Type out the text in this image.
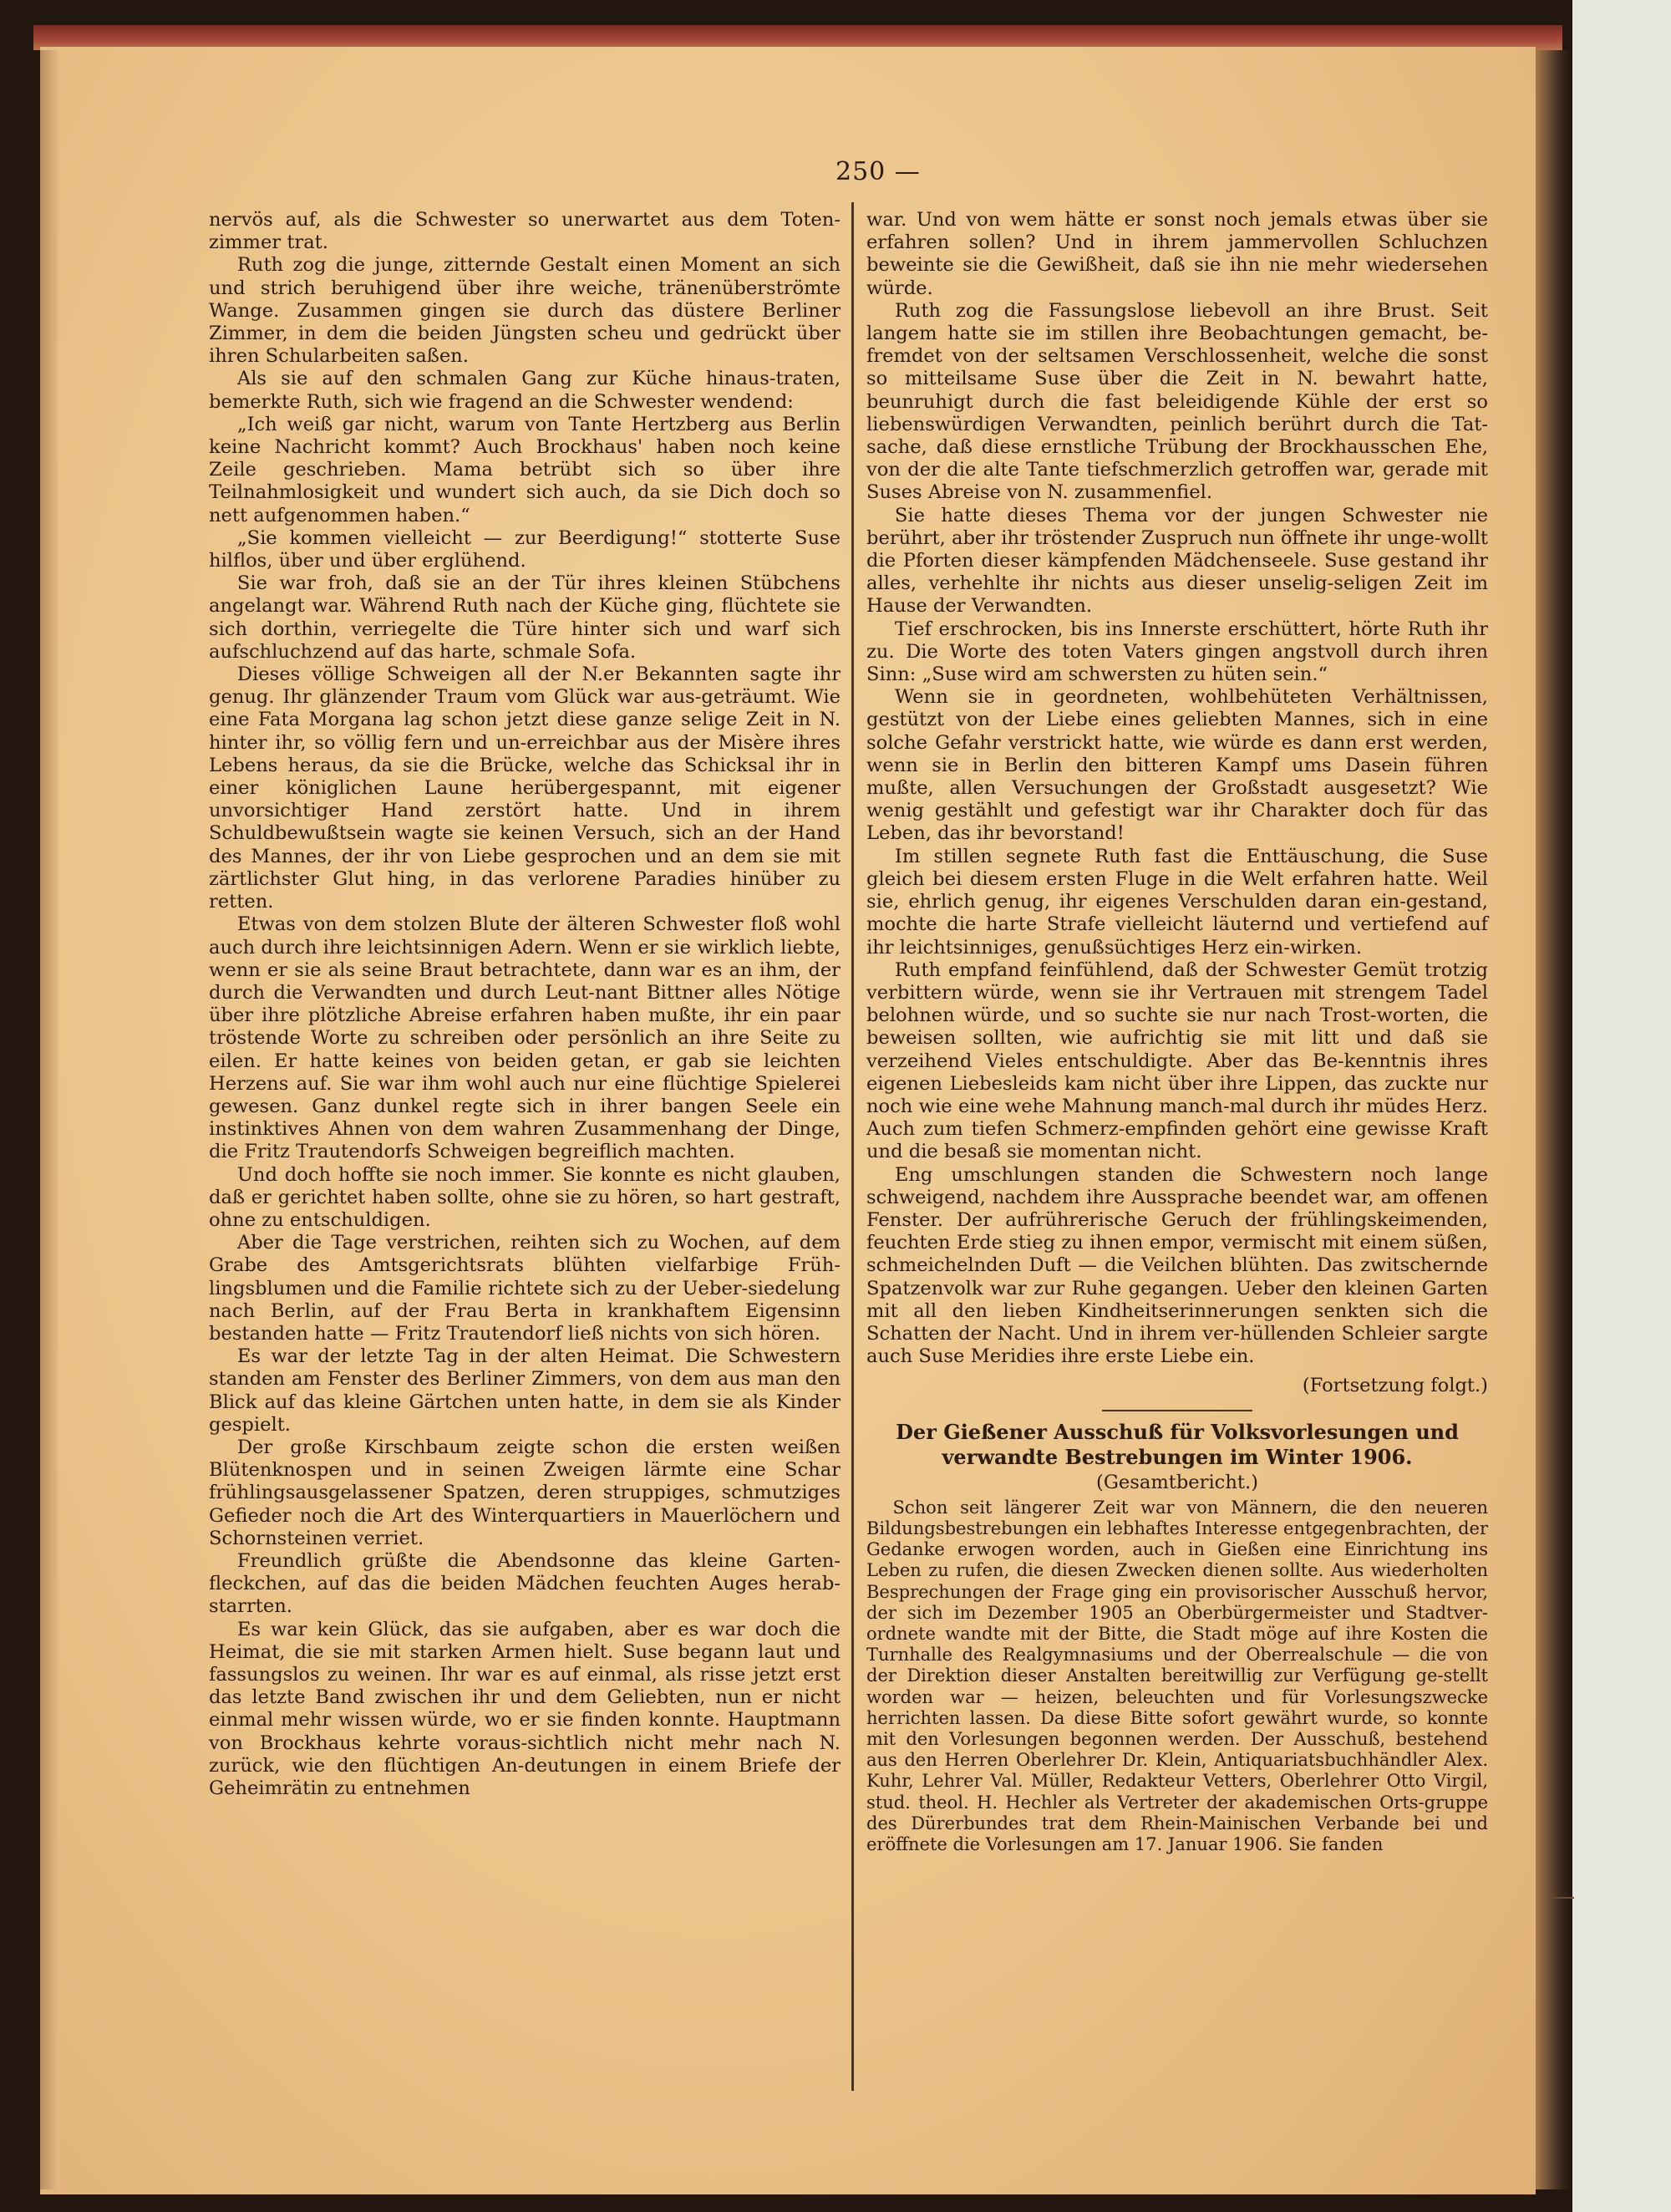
250 —

nervös auf, als die Schwester so unerwartet aus dem Toten-zimmer trat.

Ruth zog die junge, zitternde Gestalt einen Moment an sich und strich beruhigend über ihre weiche, tränenüberströmte Wange. Zusammen gingen sie durch das düstere Berliner Zimmer, in dem die beiden Jüngsten scheu und gedrückt über ihren Schularbeiten saßen.

Als sie auf den schmalen Gang zur Küche hinaus-traten, bemerkte Ruth, sich wie fragend an die Schwester wendend:

„Ich weiß gar nicht, warum von Tante Hertzberg aus Berlin keine Nachricht kommt? Auch Brockhaus' haben noch keine Zeile geschrieben. Mama betrübt sich so über ihre Teilnahmlosigkeit und wundert sich auch, da sie Dich doch so nett aufgenommen haben.“

„Sie kommen vielleicht — zur Beerdigung!“ stotterte Suse hilflos, über und über erglühend.

Sie war froh, daß sie an der Tür ihres kleinen Stübchens angelangt war. Während Ruth nach der Küche ging, flüchtete sie sich dorthin, verriegelte die Türe hinter sich und warf sich aufschluchzend auf das harte, schmale Sofa.

Dieses völlige Schweigen all der N.er Bekannten sagte ihr genug. Ihr glänzender Traum vom Glück war aus-geträumt. Wie eine Fata Morgana lag schon jetzt diese ganze selige Zeit in N. hinter ihr, so völlig fern und un-erreichbar aus der Misère ihres Lebens heraus, da sie die Brücke, welche das Schicksal ihr in einer königlichen Laune herübergespannt, mit eigener unvorsichtiger Hand zerstört hatte. Und in ihrem Schuldbewußtsein wagte sie keinen Versuch, sich an der Hand des Mannes, der ihr von Liebe gesprochen und an dem sie mit zärtlichster Glut hing, in das verlorene Paradies hinüber zu retten.

Etwas von dem stolzen Blute der älteren Schwester floß wohl auch durch ihre leichtsinnigen Adern. Wenn er sie wirklich liebte, wenn er sie als seine Braut betrachtete, dann war es an ihm, der durch die Verwandten und durch Leut-nant Bittner alles Nötige über ihre plötzliche Abreise erfahren haben mußte, ihr ein paar tröstende Worte zu schreiben oder persönlich an ihre Seite zu eilen. Er hatte keines von beiden getan, er gab sie leichten Herzens auf. Sie war ihm wohl auch nur eine flüchtige Spielerei gewesen. Ganz dunkel regte sich in ihrer bangen Seele ein instinktives Ahnen von dem wahren Zusammenhang der Dinge, die Fritz Trautendorfs Schweigen begreiflich machten.

Und doch hoffte sie noch immer. Sie konnte es nicht glauben, daß er gerichtet haben sollte, ohne sie zu hören, so hart gestraft, ohne zu entschuldigen.

Aber die Tage verstrichen, reihten sich zu Wochen, auf dem Grabe des Amtsgerichtsrats blühten vielfarbige Früh-lingsblumen und die Familie richtete sich zu der Ueber-siedelung nach Berlin, auf der Frau Berta in krankhaftem Eigensinn bestanden hatte — Fritz Trautendorf ließ nichts von sich hören.

Es war der letzte Tag in der alten Heimat. Die Schwestern standen am Fenster des Berliner Zimmers, von dem aus man den Blick auf das kleine Gärtchen unten hatte, in dem sie als Kinder gespielt.

Der große Kirschbaum zeigte schon die ersten weißen Blütenknospen und in seinen Zweigen lärmte eine Schar frühlingsausgelassener Spatzen, deren struppiges, schmutziges Gefieder noch die Art des Winterquartiers in Mauerlöchern und Schornsteinen verriet.

Freundlich grüßte die Abendsonne das kleine Garten-fleckchen, auf das die beiden Mädchen feuchten Auges herab-starrten.

Es war kein Glück, das sie aufgaben, aber es war doch die Heimat, die sie mit starken Armen hielt. Suse begann laut und fassungslos zu weinen. Ihr war es auf einmal, als risse jetzt erst das letzte Band zwischen ihr und dem Geliebten, nun er nicht einmal mehr wissen würde, wo er sie finden konnte. Hauptmann von Brockhaus kehrte voraus-sichtlich nicht mehr nach N. zurück, wie den flüchtigen An-deutungen in einem Briefe der Geheimrätin zu entnehmen

war. Und von wem hätte er sonst noch jemals etwas über sie erfahren sollen? Und in ihrem jammervollen Schluchzen beweinte sie die Gewißheit, daß sie ihn nie mehr wiedersehen würde.

Ruth zog die Fassungslose liebevoll an ihre Brust. Seit langem hatte sie im stillen ihre Beobachtungen gemacht, be-fremdet von der seltsamen Verschlossenheit, welche die sonst so mitteilsame Suse über die Zeit in N. bewahrt hatte, beunruhigt durch die fast beleidigende Kühle der erst so liebenswürdigen Verwandten, peinlich berührt durch die Tat-sache, daß diese ernstliche Trübung der Brockhausschen Ehe, von der die alte Tante tiefschmerzlich getroffen war, gerade mit Suses Abreise von N. zusammenfiel.

Sie hatte dieses Thema vor der jungen Schwester nie berührt, aber ihr tröstender Zuspruch nun öffnete ihr unge-wollt die Pforten dieser kämpfenden Mädchenseele. Suse gestand ihr alles, verhehlte ihr nichts aus dieser unselig-seligen Zeit im Hause der Verwandten.

Tief erschrocken, bis ins Innerste erschüttert, hörte Ruth ihr zu. Die Worte des toten Vaters gingen angstvoll durch ihren Sinn: „Suse wird am schwersten zu hüten sein.“

Wenn sie in geordneten, wohlbehüteten Verhältnissen, gestützt von der Liebe eines geliebten Mannes, sich in eine solche Gefahr verstrickt hatte, wie würde es dann erst werden, wenn sie in Berlin den bitteren Kampf ums Dasein führen mußte, allen Versuchungen der Großstadt ausgesetzt? Wie wenig gestählt und gefestigt war ihr Charakter doch für das Leben, das ihr bevorstand!

Im stillen segnete Ruth fast die Enttäuschung, die Suse gleich bei diesem ersten Fluge in die Welt erfahren hatte. Weil sie, ehrlich genug, ihr eigenes Verschulden daran ein-gestand, mochte die harte Strafe vielleicht läuternd und vertiefend auf ihr leichtsinniges, genußsüchtiges Herz ein-wirken.

Ruth empfand feinfühlend, daß der Schwester Gemüt trotzig verbittern würde, wenn sie ihr Vertrauen mit strengem Tadel belohnen würde, und so suchte sie nur nach Trost-worten, die beweisen sollten, wie aufrichtig sie mit litt und daß sie verzeihend Vieles entschuldigte. Aber das Be-kenntnis ihres eigenen Liebesleids kam nicht über ihre Lippen, das zuckte nur noch wie eine wehe Mahnung manch-mal durch ihr müdes Herz. Auch zum tiefen Schmerz-empfinden gehört eine gewisse Kraft und die besaß sie momentan nicht.

Eng umschlungen standen die Schwestern noch lange schweigend, nachdem ihre Aussprache beendet war, am offenen Fenster. Der aufrührerische Geruch der frühlingskeimenden, feuchten Erde stieg zu ihnen empor, vermischt mit einem süßen, schmeichelnden Duft — die Veilchen blühten. Das zwitschernde Spatzenvolk war zur Ruhe gegangen. Ueber den kleinen Garten mit all den lieben Kindheitserinnerungen senkten sich die Schatten der Nacht. Und in ihrem ver-hüllenden Schleier sargte auch Suse Meridies ihre erste Liebe ein.

(Fortsetzung folgt.)

Der Gießener Ausschuß für Volksvorlesungen und verwandte Bestrebungen im Winter 1906.

(Gesamtbericht.)

Schon seit längerer Zeit war von Männern, die den neueren Bildungsbestrebungen ein lebhaftes Interesse entgegenbrachten, der Gedanke erwogen worden, auch in Gießen eine Einrichtung ins Leben zu rufen, die diesen Zwecken dienen sollte. Aus wiederholten Besprechungen der Frage ging ein provisorischer Ausschuß hervor, der sich im Dezember 1905 an Oberbürgermeister und Stadtver-ordnete wandte mit der Bitte, die Stadt möge auf ihre Kosten die Turnhalle des Realgymnasiums und der Oberrealschule — die von der Direktion dieser Anstalten bereitwillig zur Verfügung ge-stellt worden war — heizen, beleuchten und für Vorlesungszwecke herrichten lassen. Da diese Bitte sofort gewährt wurde, so konnte mit den Vorlesungen begonnen werden. Der Ausschuß, bestehend aus den Herren Oberlehrer Dr. Klein, Antiquariatsbuchhändler Alex. Kuhr, Lehrer Val. Müller, Redakteur Vetters, Oberlehrer Otto Virgil, stud. theol. H. Hechler als Vertreter der akademischen Orts-gruppe des Dürerbundes trat dem Rhein-Mainischen Verbande bei und eröffnete die Vorlesungen am 17. Januar 1906. Sie fanden
